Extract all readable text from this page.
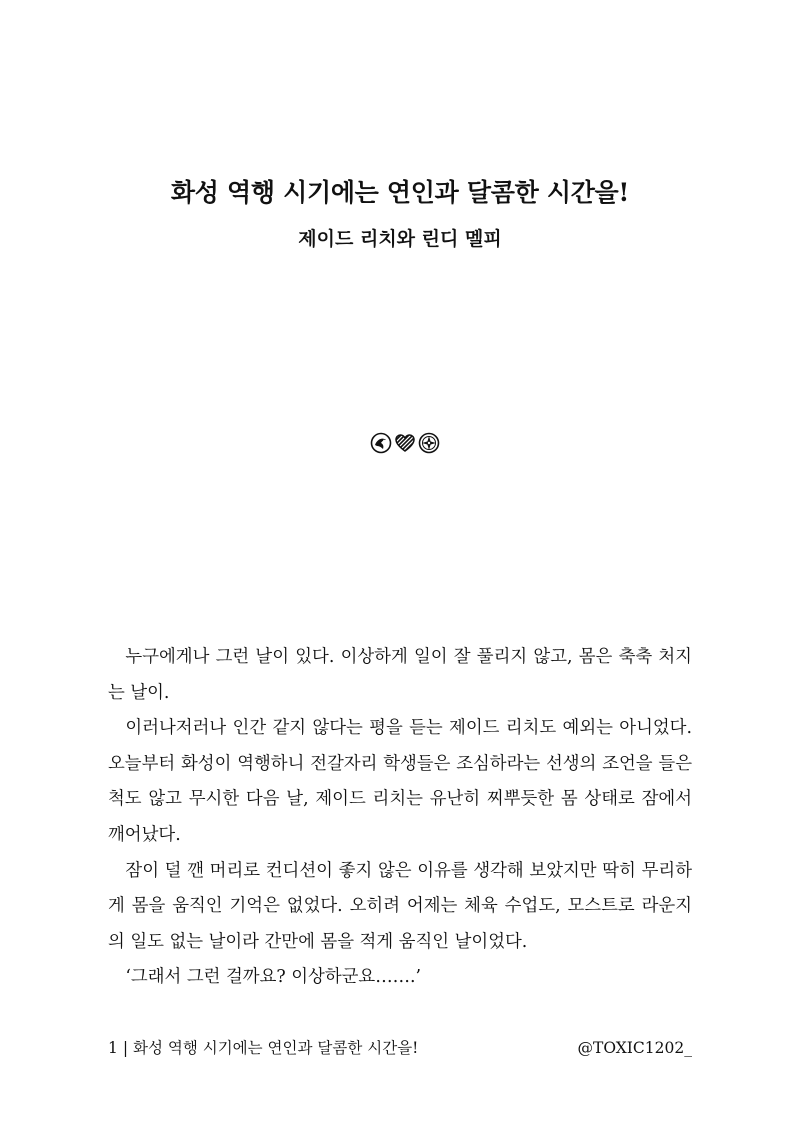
화성 역행 시기에는 연인과 달콤한 시간을!
제이드 리치와 린디 멜피

누구에게나 그런 날이 있다. 이상하게 일이 잘 풀리지 않고, 몸은 축축 처지는 날이.

이러나저러나 인간 같지 않다는 평을 듣는 제이드 리치도 예외는 아니었다. 오늘부터 화성이 역행하니 전갈자리 학생들은 조심하라는 선생의 조언을 들은 척도 않고 무시한 다음 날, 제이드 리치는 유난히 찌뿌듯한 몸 상태로 잠에서 깨어났다.

잠이 덜 깬 머리로 컨디션이 좋지 않은 이유를 생각해 보았지만 딱히 무리하게 몸을 움직인 기억은 없었다. 오히려 어제는 체육 수업도, 모스트로 라운지의 일도 없는 날이라 간만에 몸을 적게 움직인 날이었다.

‘그래서 그런 걸까요? 이상하군요…….’

1 | 화성 역행 시기에는 연인과 달콤한 시간을!	@TOXIC1202_
